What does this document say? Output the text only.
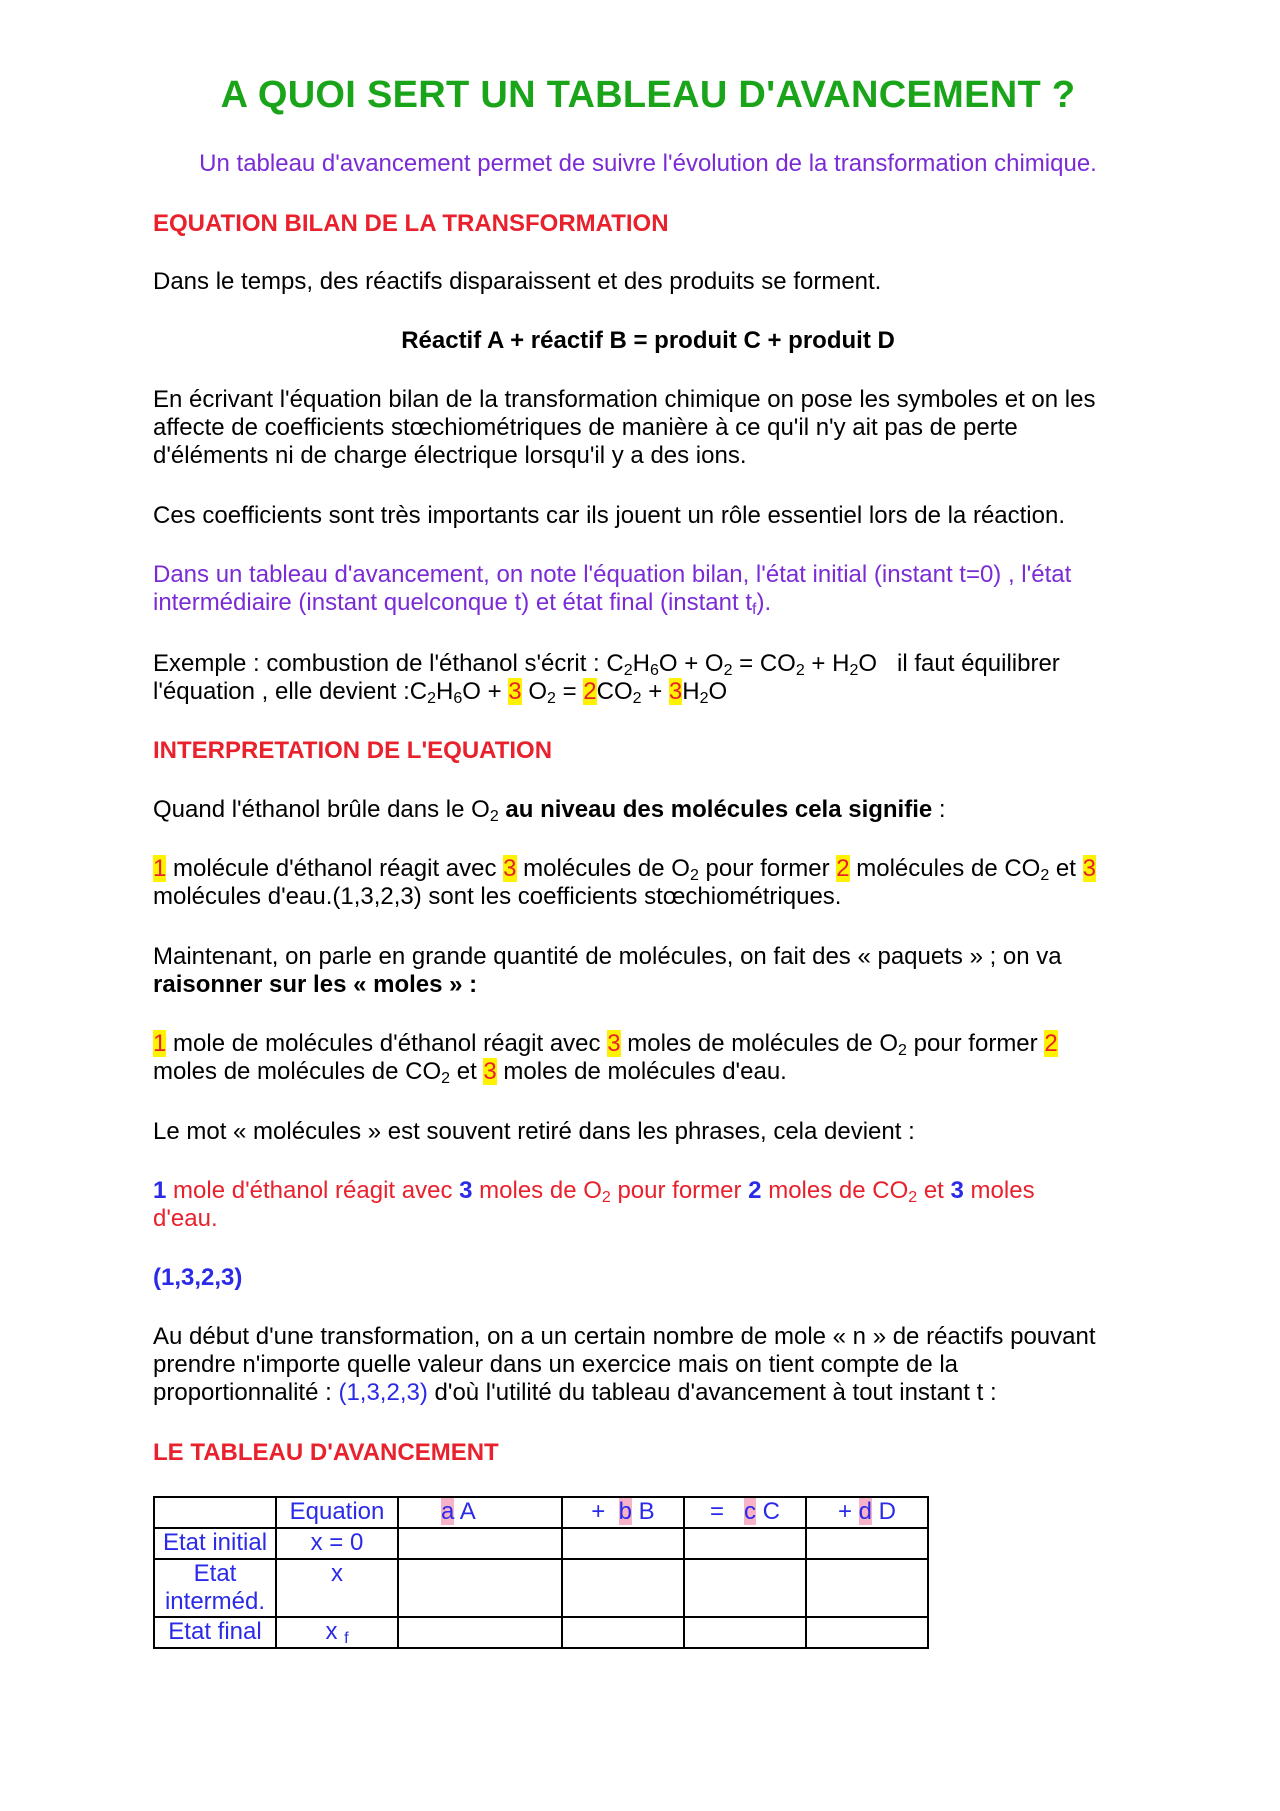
A QUOI SERT UN TABLEAU D'AVANCEMENT ?

Un tableau d'avancement permet de suivre l'évolution de la transformation chimique.

EQUATION BILAN DE LA TRANSFORMATION

Dans le temps, des réactifs disparaissent et des produits se forment.

Réactif A + réactif B = produit C + produit D

En écrivant l'équation bilan de la transformation chimique on pose les symboles et on les
affecte de coefficients stœchiométriques de manière à ce qu'il n'y ait pas de perte
d'éléments ni de charge électrique lorsqu'il y a des ions.

Ces coefficients sont très importants car ils jouent un rôle essentiel lors de la réaction.

Dans un tableau d'avancement, on note l'équation bilan, l'état initial (instant t=0) , l'état
intermédiaire (instant quelconque t) et état final (instant $t_f$).

Exemple : combustion de l'éthanol s'écrit : $C_2H_6O + O_2 = CO_2 + H_2O$ il faut équilibrer
l'équation , elle devient $:C_2H_6O + 3$ $O_2 = 2CO_2 + 3H_2O$

INTERPRETATION DE L'EQUATION

Quand l'éthanol brûle dans le $O_2$ au niveau des molécules cela signifie :

1 molécule d'éthanol réagit avec 3 molécules de $O_2$ pour former 2 molécules de $CO_2$ et 3
molécules d'eau.(1,3,2,3) sont les coefficients stœchiométriques.

Maintenant, on parle en grande quantité de molécules, on fait des « paquets » ; on va
raisonner sur les « moles » :

1 mole de molécules d'éthanol réagit avec 3 moles de molécules de $O_2$ pour former 2
moles de molécules de $CO_2$ et 3 moles de molécules d'eau.

Le mot « molécules » est souvent retiré dans les phrases, cela devient :

1 mole d'éthanol réagit avec 3 moles de $O_2$ pour former 2 moles de $CO_2$ et 3 moles
d'eau.

(1,3,2,3)

Au début d'une transformation, on a un certain nombre de mole « n » de réactifs pouvant
prendre n'importe quelle valeur dans un exercice mais on tient compte de la
proportionnalité : (1,3,2,3) d'où l'utilité du tableau d'avancement à tout instant t :

LE TABLEAU D'AVANCEMENT

	Equation	a A	+  b B	=   c C	+ d D
Etat initial	x = 0				
Etat
interméd.	x				
Etat final	x $_f$				
